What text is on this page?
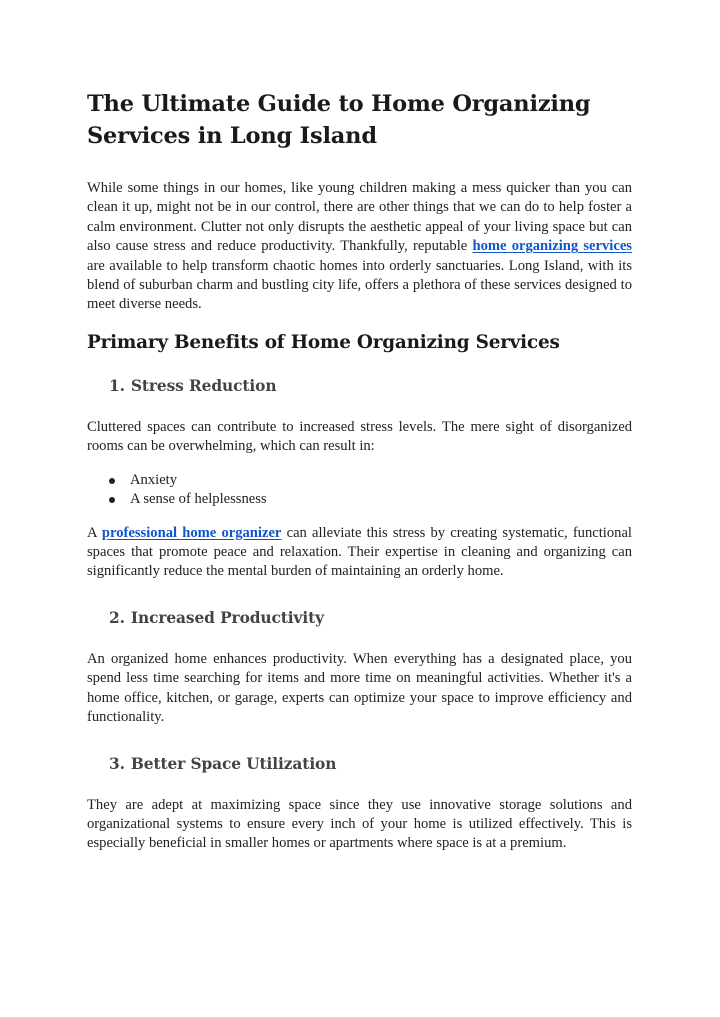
The Ultimate Guide to Home Organizing Services in Long Island

While some things in our homes, like young children making a mess quicker than you can clean it up, might not be in our control, there are other things that we can do to help foster a calm environment. Clutter not only disrupts the aesthetic appeal of your living space but can also cause stress and reduce productivity. Thankfully, reputable home organizing services are available to help transform chaotic homes into orderly sanctuaries. Long Island, with its blend of suburban charm and bustling city life, offers a plethora of these services designed to meet diverse needs.

Primary Benefits of Home Organizing Services
1. Stress Reduction

Cluttered spaces can contribute to increased stress levels. The mere sight of disorganized rooms can be overwhelming, which can result in:

Anxiety
A sense of helplessness

A professional home organizer can alleviate this stress by creating systematic, functional spaces that promote peace and relaxation. Their expertise in cleaning and organizing can significantly reduce the mental burden of maintaining an orderly home.

2. Increased Productivity

An organized home enhances productivity. When everything has a designated place, you spend less time searching for items and more time on meaningful activities. Whether it's a home office, kitchen, or garage, experts can optimize your space to improve efficiency and functionality.

3. Better Space Utilization

They are adept at maximizing space since they use innovative storage solutions and organizational systems to ensure every inch of your home is utilized effectively. This is especially beneficial in smaller homes or apartments where space is at a premium.
